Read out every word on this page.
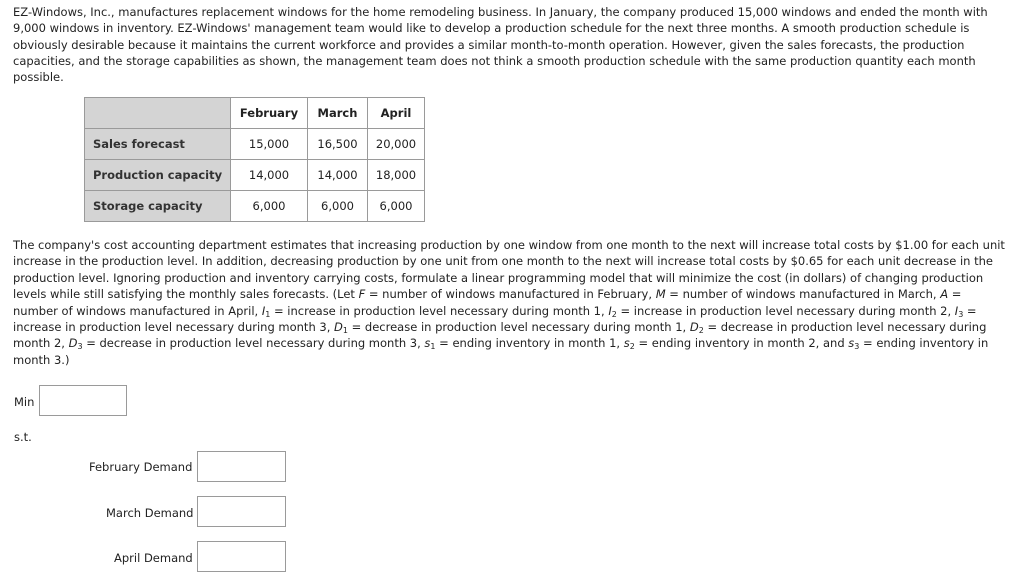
EZ-Windows, Inc., manufactures replacement windows for the home remodeling business. In January, the company produced 15,000 windows and ended the month with 9,000 windows in inventory. EZ-Windows' management team would like to develop a production schedule for the next three months. A smooth production schedule is obviously desirable because it maintains the current workforce and provides a similar month-to-month operation. However, given the sales forecasts, the production capacities, and the storage capabilities as shown, the management team does not think a smooth production schedule with the same production quantity each month possible.

	February	March	April
Sales forecast	15,000	16,500	20,000
Production capacity	14,000	14,000	18,000
Storage capacity	6,000	6,000	6,000

The company's cost accounting department estimates that increasing production by one window from one month to the next will increase total costs by $1.00 for each unit increase in the production level. In addition, decreasing production by one unit from one month to the next will increase total costs by $0.65 for each unit decrease in the production level. Ignoring production and inventory carrying costs, formulate a linear programming model that will minimize the cost (in dollars) of changing production levels while still satisfying the monthly sales forecasts. (Let F = number of windows manufactured in February, M = number of windows manufactured in March, A = number of windows manufactured in April, $I_1$ = increase in production level necessary during month 1, $I_2$ = increase in production level necessary during month 2, $I_3$ = increase in production level necessary during month 3, $D_1$ = decrease in production level necessary during month 1, $D_2$ = decrease in production level necessary during month 2, $D_3$ = decrease in production level necessary during month 3, $s_1$ = ending inventory in month 1, $s_2$ = ending inventory in month 2, and $s_3$ = ending inventory in month 3.)

Min
s.t.
February Demand
March Demand
April Demand
